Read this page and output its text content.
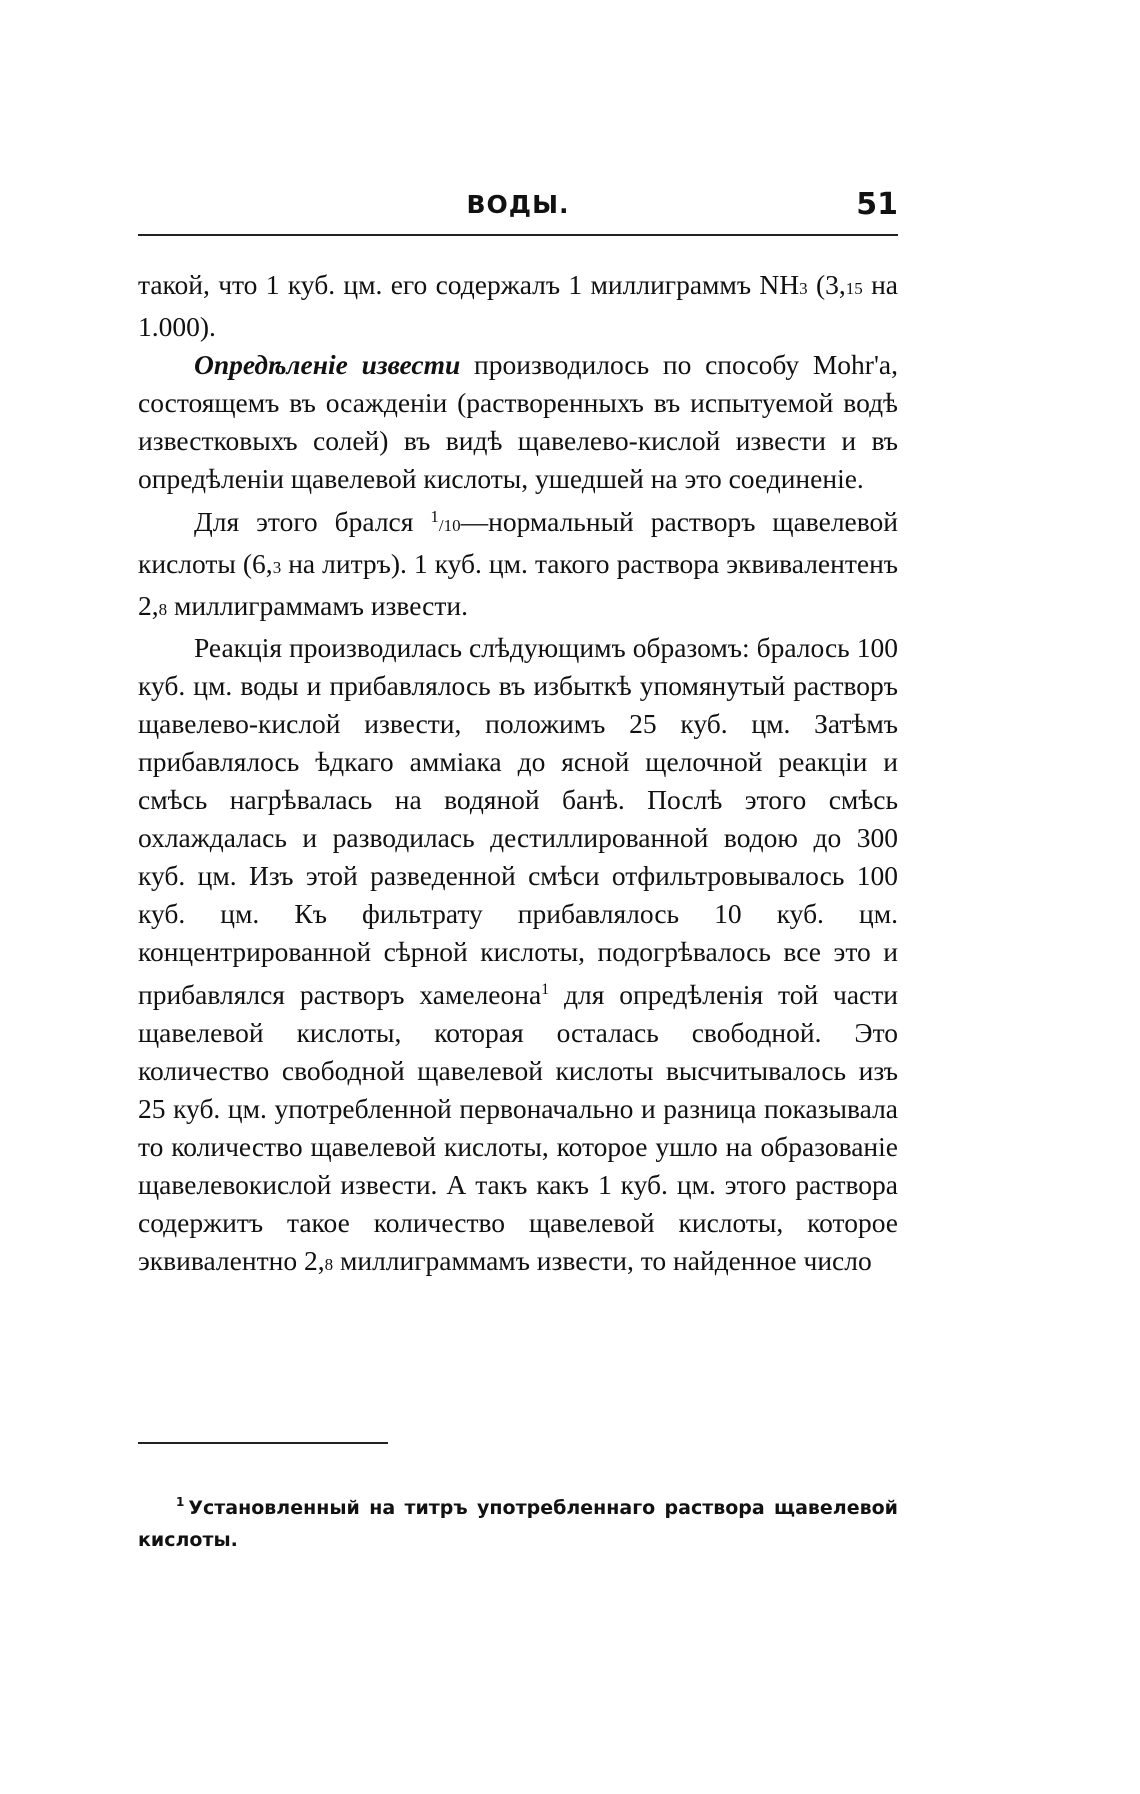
ВОДЫ.	51

такой, что 1 куб. цм. его содержалъ 1 миллиграммъ NH3 (3,15 на 1.000).

Опредѣленіе извести производилось по способу Mohr'а, состоящемъ въ осажденіи (растворенныхъ въ испытуемой водѣ известковыхъ солей) въ видѣ щавелево-кислой извести и въ опредѣленіи щавелевой кислоты, ушедшей на это соединеніе.

Для этого брался $^1$/10—нормальный растворъ щавелевой кислоты (6,3 на литръ). 1 куб. цм. такого раствора эквивалентенъ 2,8 миллиграммамъ извести.

Реакція производилась слѣдующимъ образомъ: бралось 100 куб. цм. воды и прибавлялось въ избыткѣ упомянутый растворъ щавелево-кислой извести, положимъ 25 куб. цм. Затѣмъ прибавлялось ѣдкаго амміака до ясной щелочной реакціи и смѣсь нагрѣвалась на водяной банѣ. Послѣ этого смѣсь охлаждалась и разводилась дестиллированной водою до 300 куб. цм. Изъ этой разведенной смѣси отфильтровывалось 100 куб. цм. Къ фильтрату прибавлялось 10 куб. цм. концентрированной сѣрной кислоты, подогрѣвалось все это и прибавлялся растворъ хамелеона$^1$ для опредѣленія той части щавелевой кислоты, которая осталась свободной. Это количество свободной щавелевой кислоты высчитывалось изъ 25 куб. цм. употребленной первоначально и разница показывала то количество щавелевой кислоты, которое ушло на образованіе щавелевокислой извести. А такъ какъ 1 куб. цм. этого раствора содержитъ такое количество щавелевой кислоты, которое эквивалентно 2,8 миллиграммамъ извести, то найденное число

$^1$ Установленный на титръ употребленнаго раствора щавелевой кислоты.
